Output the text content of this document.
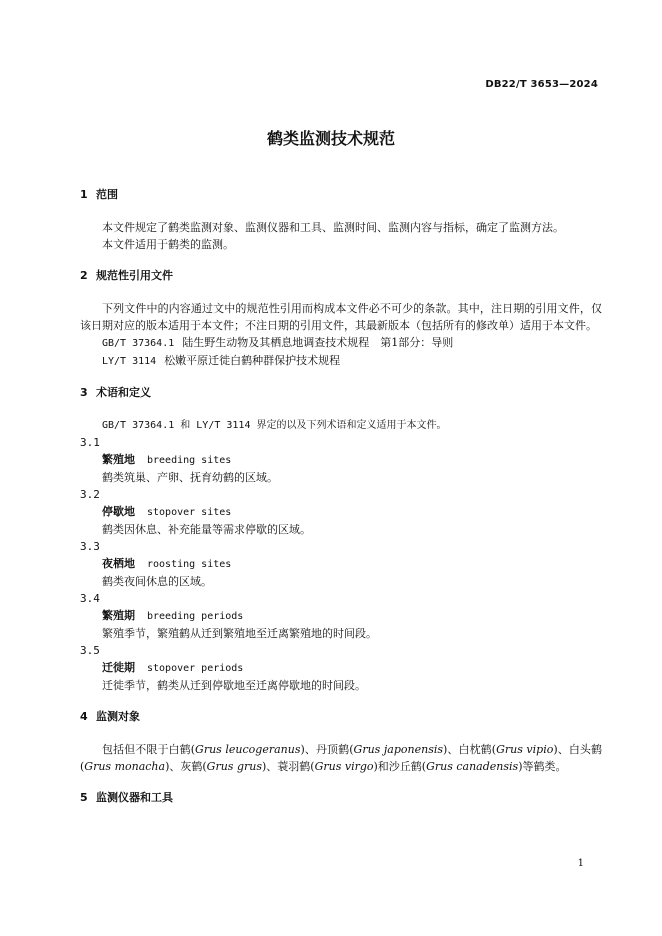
DB22/T 3653—2024
鹤类监测技术规范
1 范围
本文件规定了鹤类监测对象、监测仪器和工具、监测时间、监测内容与指标，确定了监测方法。
本文件适用于鹤类的监测。
2 规范性引用文件
下列文件中的内容通过文中的规范性引用而构成本文件必不可少的条款。其中，注日期的引用文件，仅该日期对应的版本适用于本文件；不注日期的引用文件，其最新版本（包括所有的修改单）适用于本文件。
GB/T 37364.1 陆生野生动物及其栖息地调查技术规程　第1部分：导则
LY/T 3114 松嫩平原迁徙白鹤种群保护技术规程
3 术语和定义
GB/T 37364.1 和 LY/T 3114 界定的以及下列术语和定义适用于本文件。
3.1
繁殖地 breeding sites
鹤类筑巢、产卵、抚育幼鹤的区域。
3.2
停歇地 stopover sites
鹤类因休息、补充能量等需求停歇的区域。
3.3
夜栖地 roosting sites
鹤类夜间休息的区域。
3.4
繁殖期 breeding periods
繁殖季节，繁殖鹤从迁到繁殖地至迁离繁殖地的时间段。
3.5
迁徙期 stopover periods
迁徙季节，鹤类从迁到停歇地至迁离停歇地的时间段。
4 监测对象
包括但不限于白鹤(Grus leucogeranus)、丹顶鹤(Grus japonensis)、白枕鹤(Grus vipio)、白头鹤(Grus monacha)、灰鹤(Grus grus)、蓑羽鹤(Grus virgo)和沙丘鹤(Grus canadensis)等鹤类。
5 监测仪器和工具
1
